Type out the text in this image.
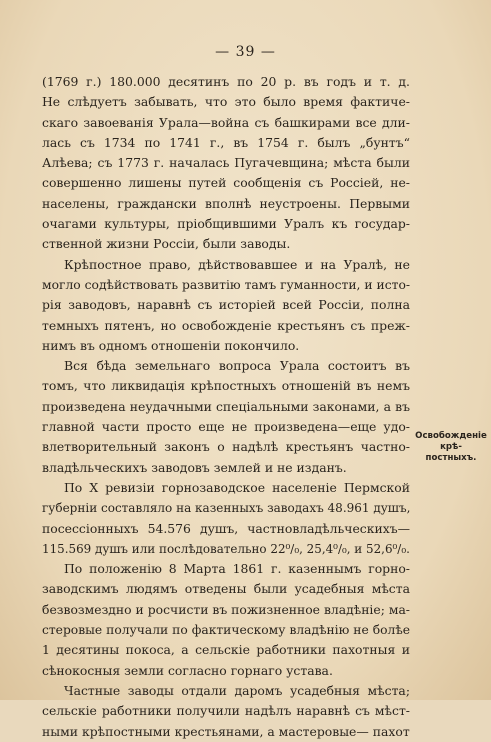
— 39 —

(1769 г.) 180.000 десятинъ по 20 р. въ годъ и т. д.
Не слѣдуетъ забывать, что это было время фактиче-
скаго завоеванія Урала—война съ башкирами все дли-
лась съ 1734 по 1741 г., въ 1754 г. былъ „бунтъ“
Алѣева; съ 1773 г. началась Пугачевщина; мѣста были
совершенно лишены путей сообщенія съ Россіей, не-
населены, граждански вполнѣ неустроены. Первыми
очагами культуры, пріобщившими Уралъ къ государ-
ственной жизни Россіи, были заводы.

Крѣпостное право, дѣйствовавшее и на Уралѣ, не
могло содѣйствовать развитію тамъ гуманности, и исто-
рія заводовъ, наравнѣ съ исторіей всей Россіи, полна
темныхъ пятенъ, но освобожденіе крестьянъ съ преж-
нимъ въ одномъ отношеніи покончило.

Вся бѣда земельнаго вопроса Урала состоитъ въ
томъ, что ликвидація крѣпостныхъ отношеній въ немъ
произведена неудачными спеціальными законами, а въ
главной части просто еще не произведена—еще удо-
влетворительный законъ о надѣлѣ крестьянъ частно-
владѣльческихъ заводовъ землей и не изданъ.

По Х ревизіи горнозаводское населеніе Пермской
губерніи составляло на казенныхъ заводахъ 48.961 душъ,
посессіонныхъ 54.576 душъ, частновладѣльческихъ—
115.569 душъ или послѣдовательно 22⁰/₀, 25,4⁰/₀, и 52,6⁰/₀.

По положенію 8 Марта 1861 г. казеннымъ горно-
заводскимъ людямъ отведены были усадебныя мѣста
безвозмездно и росчисти въ пожизненное владѣніе; ма-
стеровые получали по фактическому владѣнію не болѣе
1 десятины покоса, а сельскіе работники пахотныя и
сѣнокосныя земли согласно горнаго устава.

Частные заводы отдали даромъ усадебныя мѣста;
сельскіе работники получили надѣлъ наравнѣ съ мѣст-
ными крѣпостными крестьянами, а мастеровые— пахот

Освобожденіе крѣ-
постныхъ.
